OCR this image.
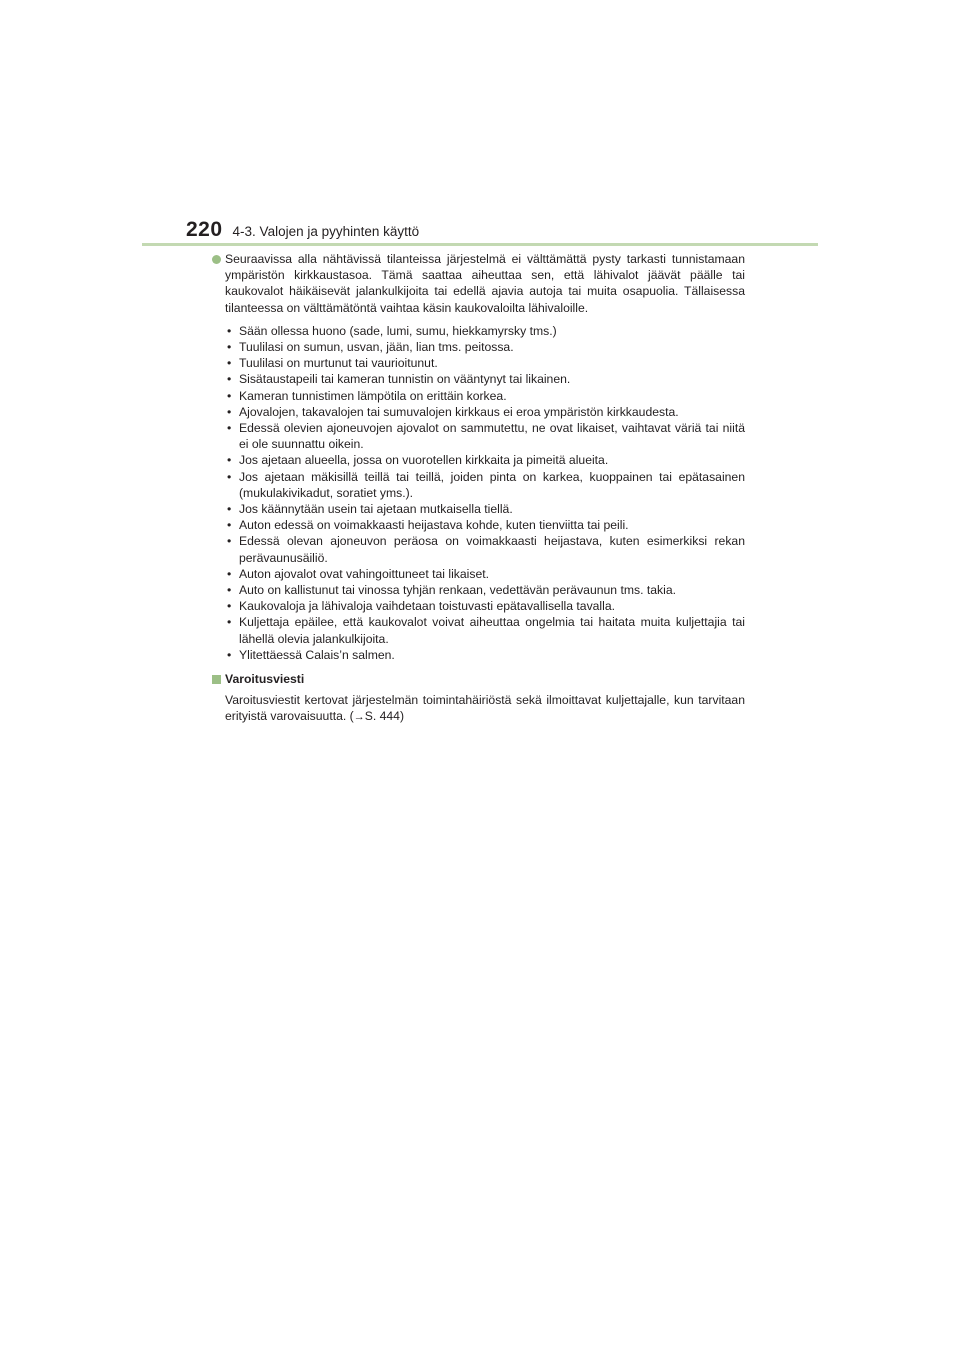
220 4-3. Valojen ja pyyhinten käyttö

Seuraavissa alla nähtävissä tilanteissa järjestelmä ei välttämättä pysty tarkasti tunnistamaan ympäristön kirkkaustasoa. Tämä saattaa aiheuttaa sen, että lähivalot jäävät päälle tai kaukovalot häikäisevät jalankulkijoita tai edellä ajavia autoja tai muita osapuolia. Tällaisessa tilanteessa on välttämätöntä vaihtaa käsin kaukovaloilta lähivaloille.

• Sään ollessa huono (sade, lumi, sumu, hiekkamyrsky tms.)
• Tuulilasi on sumun, usvan, jään, lian tms. peitossa.
• Tuulilasi on murtunut tai vaurioitunut.
• Sisätaustapeili tai kameran tunnistin on vääntynyt tai likainen.
• Kameran tunnistimen lämpötila on erittäin korkea.
• Ajovalojen, takavalojen tai sumuvalojen kirkkaus ei eroa ympäristön kirkkaudesta.
• Edessä olevien ajoneuvojen ajovalot on sammutettu, ne ovat likaiset, vaihtavat väriä tai niitä ei ole suunnattu oikein.
• Jos ajetaan alueella, jossa on vuorotellen kirkkaita ja pimeitä alueita.
• Jos ajetaan mäkisillä teillä tai teillä, joiden pinta on karkea, kuoppainen tai epätasainen (mukulakivikadut, soratiet yms.).
• Jos käännytään usein tai ajetaan mutkaisella tiellä.
• Auton edessä on voimakkaasti heijastava kohde, kuten tienviitta tai peili.
• Edessä olevan ajoneuvon peräosa on voimakkaasti heijastava, kuten esimerkiksi rekan perävaunusäiliö.
• Auton ajovalot ovat vahingoittuneet tai likaiset.
• Auto on kallistunut tai vinossa tyhjän renkaan, vedettävän perävaunun tms. takia.
• Kaukovaloja ja lähivaloja vaihdetaan toistuvasti epätavallisella tavalla.
• Kuljettaja epäilee, että kaukovalot voivat aiheuttaa ongelmia tai haitata muita kuljettajia tai lähellä olevia jalankulkijoita.
• Ylitettäessä Calais’n salmen.
Varoitusviesti
Varoitusviestit kertovat järjestelmän toimintahäiriöstä sekä ilmoittavat kuljettajalle, kun tarvitaan erityistä varovaisuutta. (→S. 444)
